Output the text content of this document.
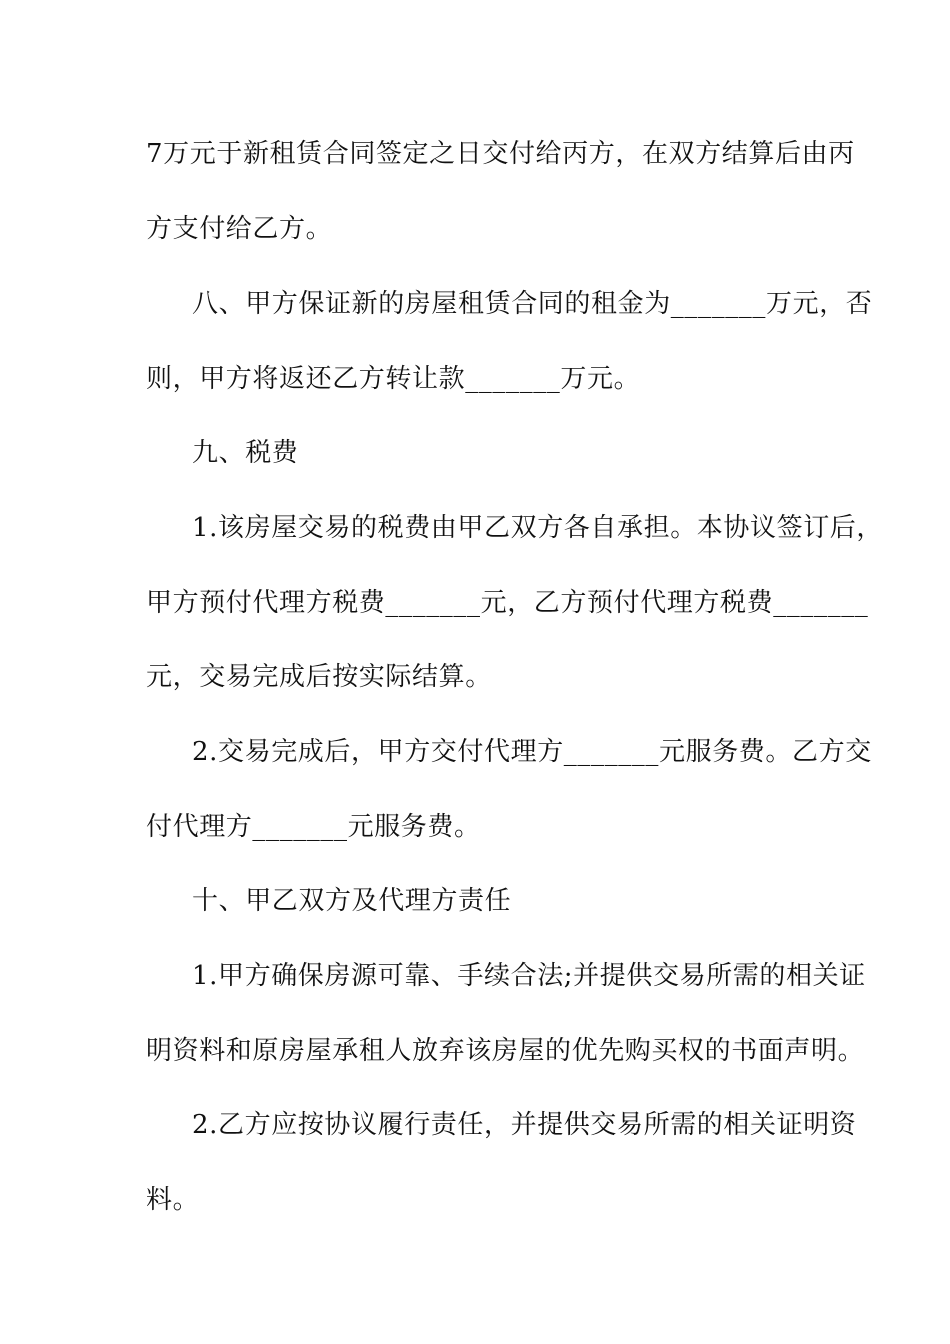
7万元于新租赁合同签定之日交付给丙方，在双方结算后由丙
方支付给乙方。
八、甲方保证新的房屋租赁合同的租金为_______万元，否
则，甲方将返还乙方转让款_______万元。
九、税费
1.该房屋交易的税费由甲乙双方各自承担。本协议签订后，
甲方预付代理方税费_______元，乙方预付代理方税费_______
元，交易完成后按实际结算。
2.交易完成后，甲方交付代理方_______元服务费。乙方交
付代理方_______元服务费。
十、甲乙双方及代理方责任
1.甲方确保房源可靠、手续合法;并提供交易所需的相关证
明资料和原房屋承租人放弃该房屋的优先购买权的书面声明。
2.乙方应按协议履行责任，并提供交易所需的相关证明资
料。
